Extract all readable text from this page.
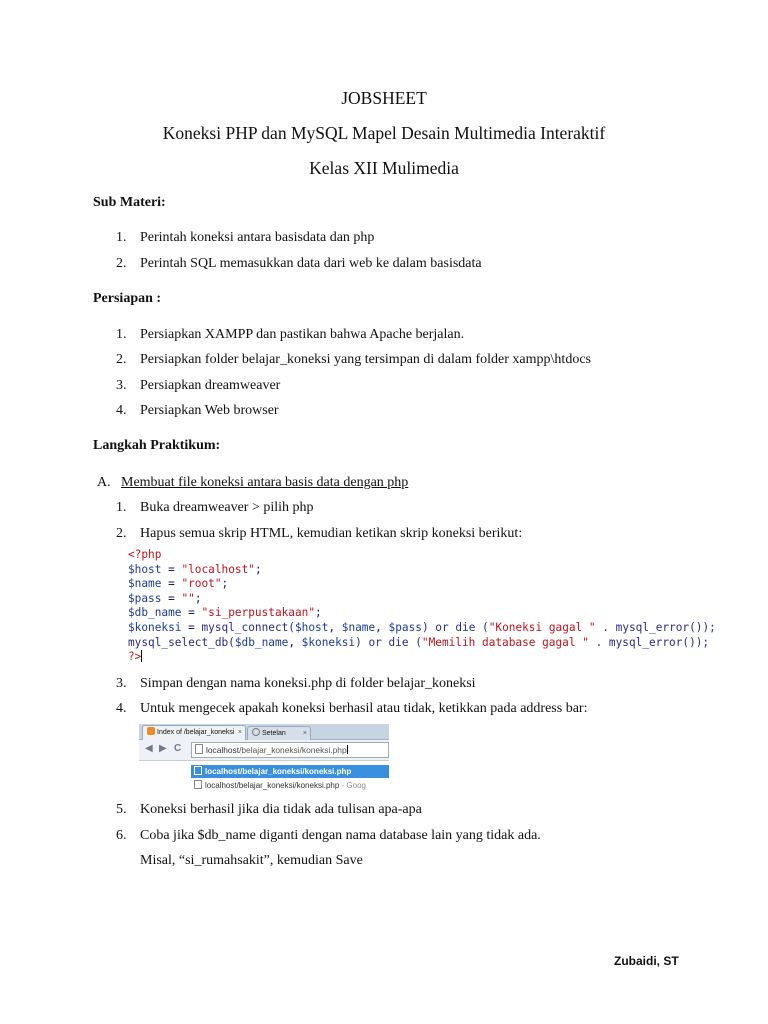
JOBSHEET
Koneksi PHP dan MySQL Mapel Desain Multimedia Interaktif
Kelas XII Mulimedia
Sub Materi:
1. Perintah koneksi antara basisdata dan php
2. Perintah SQL memasukkan data dari web ke dalam basisdata
Persiapan :
1. Persiapkan XAMPP dan pastikan bahwa Apache berjalan.
2. Persiapkan folder belajar_koneksi yang tersimpan di dalam folder xampp\htdocs
3. Persiapkan dreamweaver
4. Persiapkan Web browser
Langkah Praktikum:
A. Membuat file koneksi antara basis data dengan php
1. Buka dreamweaver > pilih php
2. Hapus semua skrip HTML, kemudian ketikan skrip koneksi berikut:
<?php
$host = "localhost";
$name = "root";
$pass = "";
$db_name = "si_perpustakaan";
$koneksi = mysql_connect($host, $name, $pass) or die ("Koneksi gagal " . mysql_error());
mysql_select_db($db_name, $koneksi) or die ("Memilih database gagal " . mysql_error());
?>
3. Simpan dengan nama koneksi.php di folder belajar_koneksi
4. Untuk mengecek apakah koneksi berhasil atau tidak, ketikkan pada address bar:
Index of /belajar_koneksi ×	Setelan ×
◀ ▶ C	localhost/belajar_koneksi/koneksi.php
localhost/belajar_koneksi/koneksi.php
localhost/belajar_koneksi/koneksi.php - Goog
5. Koneksi berhasil jika dia tidak ada tulisan apa-apa
6. Coba jika $db_name diganti dengan nama database lain yang tidak ada.
Misal, “si_rumahsakit”, kemudian Save
Zubaidi, ST
